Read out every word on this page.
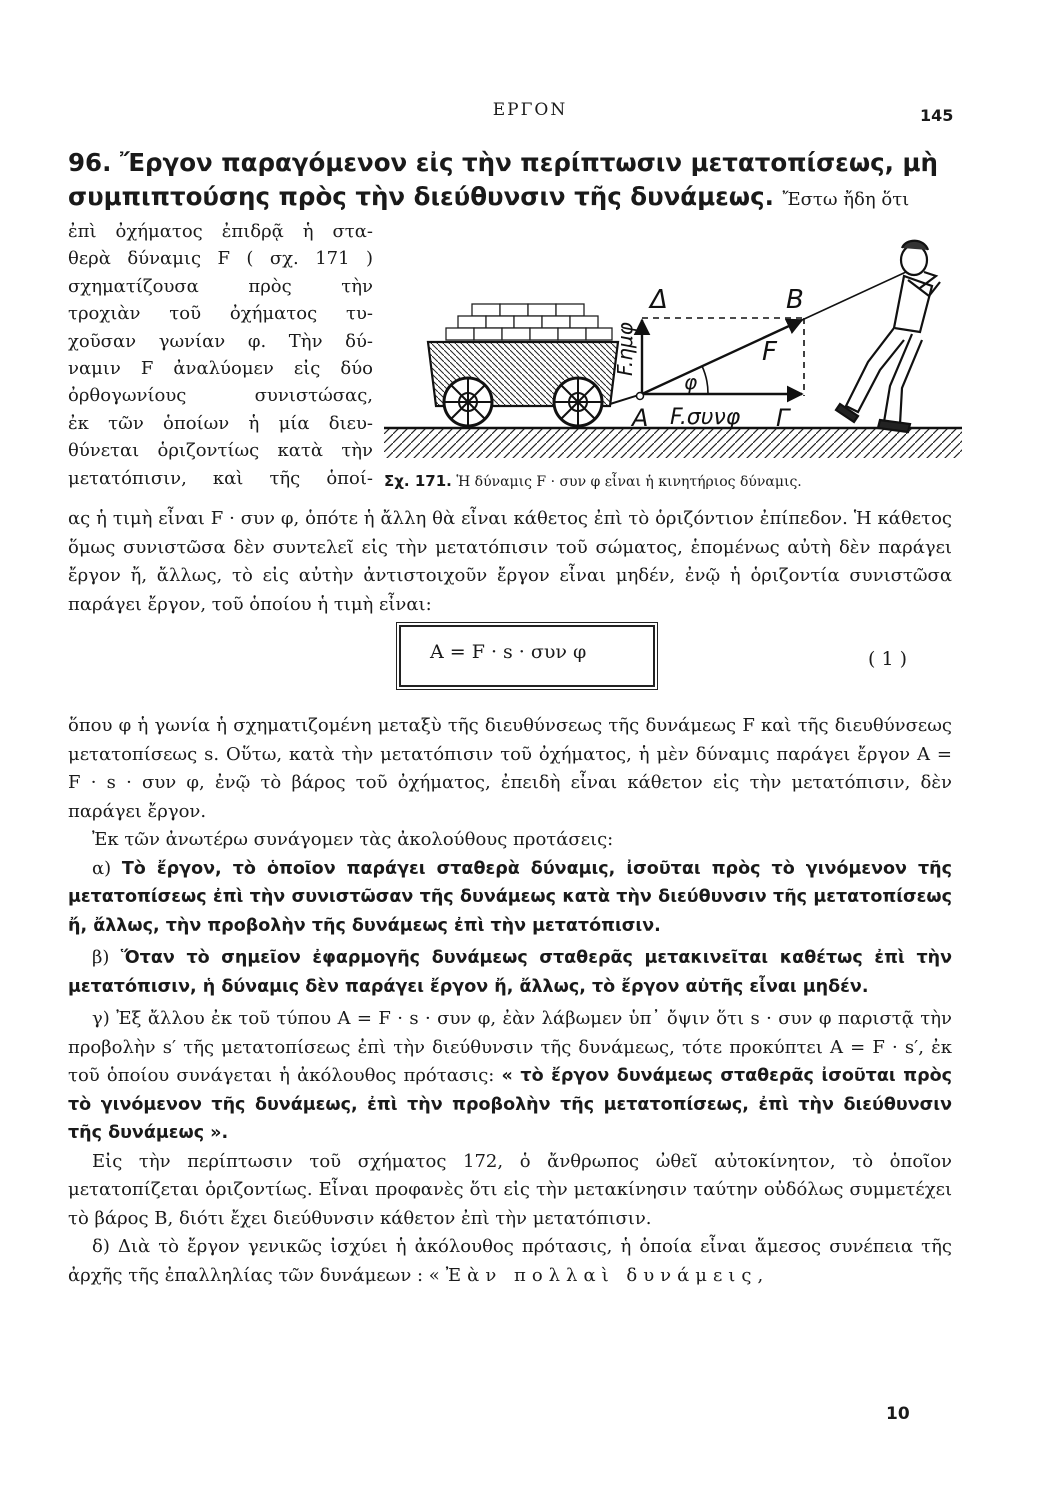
ΕΡΓΟΝ	145
96. Ἔργον παραγόμενον εἰς τὴν περίπτωσιν μετατοπίσεως, μὴ συμπιπτούσης πρὸς τὴν διεύθυνσιν τῆς δυνάμεως. Ἔστω ἤδη ὅτι
ἐπὶ ὀχήματος ἐπιδρᾷ ἡ στα-
θερὰ δύναμις F ( σχ. 171 )
σχηματίζουσα πρὸς τὴν
τροχιὰν τοῦ ὀχήματος τυ-
χοῦσαν γωνίαν φ. Τὴν δύ-
ναμιν F ἀναλύομεν εἰς δύο
ὀρθογωνίους συνιστώσας,
ἐκ τῶν ὁποίων ἡ μία διευ-
θύνεται ὁριζοντίως κατὰ τὴν
μετατόπισιν, καὶ τῆς ὁποί-
Δ	B
F
φ
A F.συνφ Γ
F.ημφ
Σχ. 171. Ἡ δύναμις F · συν φ εἶναι ἡ κινητήριος δύναμις.

ας ἡ τιμὴ εἶναι F · συν φ, ὁπότε ἡ ἄλλη θὰ εἶναι κάθετος ἐπὶ τὸ ὁριζόντιον ἐπίπεδον. Ἡ κάθετος ὅμως συνιστῶσα δὲν συντελεῖ εἰς τὴν μετατόπισιν τοῦ σώματος, ἑπομένως αὐτὴ δὲν παράγει ἔργον ἤ, ἄλλως, τὸ εἰς αὐτὴν ἀντιστοιχοῦν ἔργον εἶναι μηδέν, ἐνῷ ἡ ὁριζοντία συνιστῶσα παράγει ἔργον, τοῦ ὁποίου ἡ τιμὴ εἶναι:

A = F · s · συν φ	( 1 )

ὅπου φ ἡ γωνία ἡ σχηματιζομένη μεταξὺ τῆς διευθύνσεως τῆς δυνάμεως F καὶ τῆς διευθύνσεως μετατοπίσεως s. Οὕτω, κατὰ τὴν μετατόπισιν τοῦ ὀχήματος, ἡ μὲν δύναμις παράγει ἔργον A = F · s · συν φ, ἐνῷ τὸ βάρος τοῦ ὀχήματος, ἐπειδὴ εἶναι κάθετον εἰς τὴν μετατόπισιν, δὲν παράγει ἔργον.

Ἐκ τῶν ἀνωτέρω συνάγομεν τὰς ἀκολούθους προτάσεις:

α) Τὸ ἔργον, τὸ ὁποῖον παράγει σταθερὰ δύναμις, ἰσοῦται πρὸς τὸ γινόμενον τῆς μετατοπίσεως ἐπὶ τὴν συνιστῶσαν τῆς δυνάμεως κατὰ τὴν διεύθυνσιν τῆς μετατοπίσεως ἤ, ἄλλως, τὴν προβολὴν τῆς δυνάμεως ἐπὶ τὴν μετατόπισιν.

β) Ὅταν τὸ σημεῖον ἐφαρμογῆς δυνάμεως σταθερᾶς μετακινεῖται καθέτως ἐπὶ τὴν μετατόπισιν, ἡ δύναμις δὲν παράγει ἔργον ἤ, ἄλλως, τὸ ἔργον αὐτῆς εἶναι μηδέν.

γ) Ἐξ ἄλλου ἐκ τοῦ τύπου A = F · s · συν φ, ἐὰν λάβωμεν ὑπ᾿ ὄψιν ὅτι s · συν φ παριστᾷ τὴν προβολὴν s′ τῆς μετατοπίσεως ἐπὶ τὴν διεύθυνσιν τῆς δυνάμεως, τότε προκύπτει A = F · s′, ἐκ τοῦ ὁποίου συνάγεται ἡ ἀκόλουθος πρότασις: « τὸ ἔργον δυνάμεως σταθερᾶς ἰσοῦται πρὸς τὸ γινόμενον τῆς δυνάμεως, ἐπὶ τὴν προβολὴν τῆς μετατοπίσεως, ἐπὶ τὴν διεύθυνσιν τῆς δυνάμεως ».

Εἰς τὴν περίπτωσιν τοῦ σχήματος 172, ὁ ἄνθρωπος ὠθεῖ αὐτοκίνητον, τὸ ὁποῖον μετατοπίζεται ὁριζοντίως. Εἶναι προφανὲς ὅτι εἰς τὴν μετακίνησιν ταύτην οὐδόλως συμμετέχει τὸ βάρος B, διότι ἔχει διεύθυνσιν κάθετον ἐπὶ τὴν μετατόπισιν.

δ) Διὰ τὸ ἔργον γενικῶς ἰσχύει ἡ ἀκόλουθος πρότασις, ἡ ὁποία εἶναι ἄμεσος συνέπεια τῆς ἀρχῆς τῆς ἐπαλληλίας τῶν δυνάμεων : «Ἐὰν πολλαὶ δυνάμεις,

10
